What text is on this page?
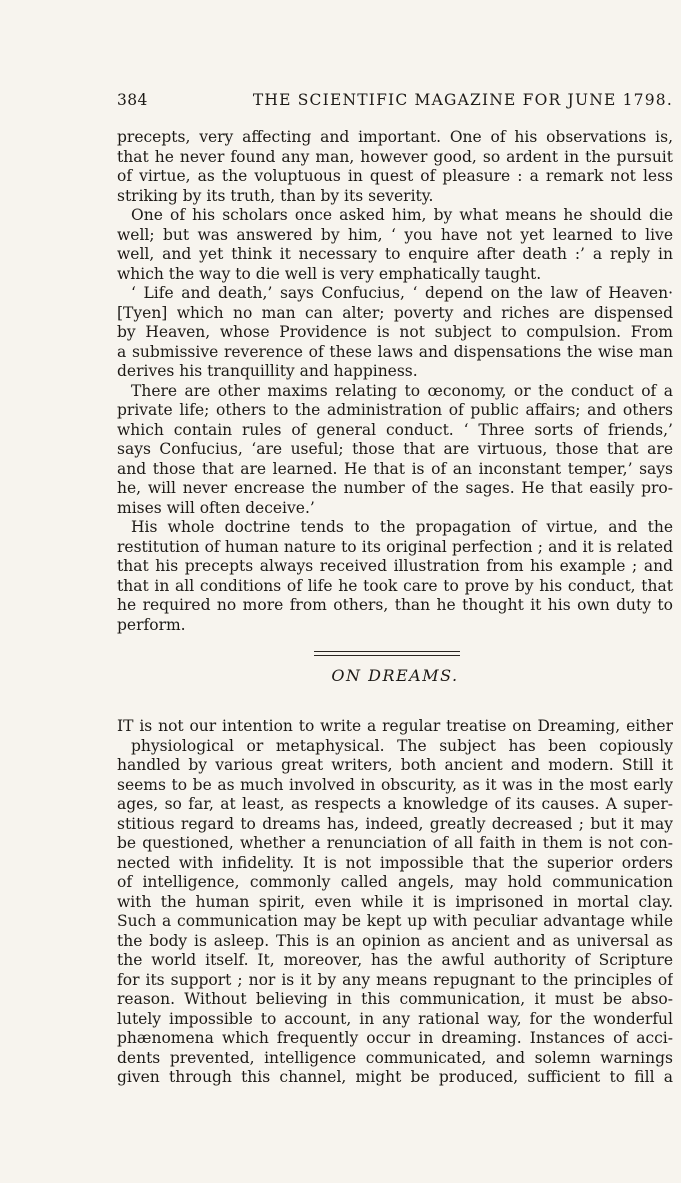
384	THE SCIENTIFIC MAGAZINE FOR JUNE 1798.
precepts, very affecting and important. One of his observations is,
that he never found any man, however good, so ardent in the pursuit
of virtue, as the voluptuous in quest of pleasure : a remark not less
striking by its truth, than by its severity.
One of his scholars once asked him, by what means he should die
well; but was answered by him, ‘ you have not yet learned to live
well, and yet think it necessary to enquire after death :’ a reply in
which the way to die well is very emphatically taught.
‘ Life and death,’ says Confucius, ‘ depend on the law of Heaven·
[Tyen] which no man can alter; poverty and riches are dispensed
by Heaven, whose Providence is not subject to compulsion. From
a submissive reverence of these laws and dispensations the wise man
derives his tranquillity and happiness.
There are other maxims relating to œconomy, or the conduct of a
private life; others to the administration of public affairs; and others
which contain rules of general conduct. ‘ Three sorts of friends,’
says Confucius, ‘are useful; those that are virtuous, those that are
and those that are learned. He that is of an inconstant temper,’ says
he, will never encrease the number of the sages. He that easily pro-
mises will often deceive.’
His whole doctrine tends to the propagation of virtue, and the
restitution of human nature to its original perfection ; and it is related
that his precepts always received illustration from his example ; and
that in all conditions of life he took care to prove by his conduct, that
he required no more from others, than he thought it his own duty to
perform.
ON DREAMS.
IT is not our intention to write a regular treatise on Dreaming, either
physiological or metaphysical. The subject has been copiously
handled by various great writers, both ancient and modern. Still it
seems to be as much involved in obscurity, as it was in the most early
ages, so far, at least, as respects a knowledge of its causes. A super-
stitious regard to dreams has, indeed, greatly decreased ; but it may
be questioned, whether a renunciation of all faith in them is not con-
nected with infidelity. It is not impossible that the superior orders
of intelligence, commonly called angels, may hold communication
with the human spirit, even while it is imprisoned in mortal clay.
Such a communication may be kept up with peculiar advantage while
the body is asleep. This is an opinion as ancient and as universal as
the world itself. It, moreover, has the awful authority of Scripture
for its support ; nor is it by any means repugnant to the principles of
reason. Without believing in this communication, it must be abso-
lutely impossible to account, in any rational way, for the wonderful
phænomena which frequently occur in dreaming. Instances of acci-
dents prevented, intelligence communicated, and solemn warnings
given through this channel, might be produced, sufficient to fill a
